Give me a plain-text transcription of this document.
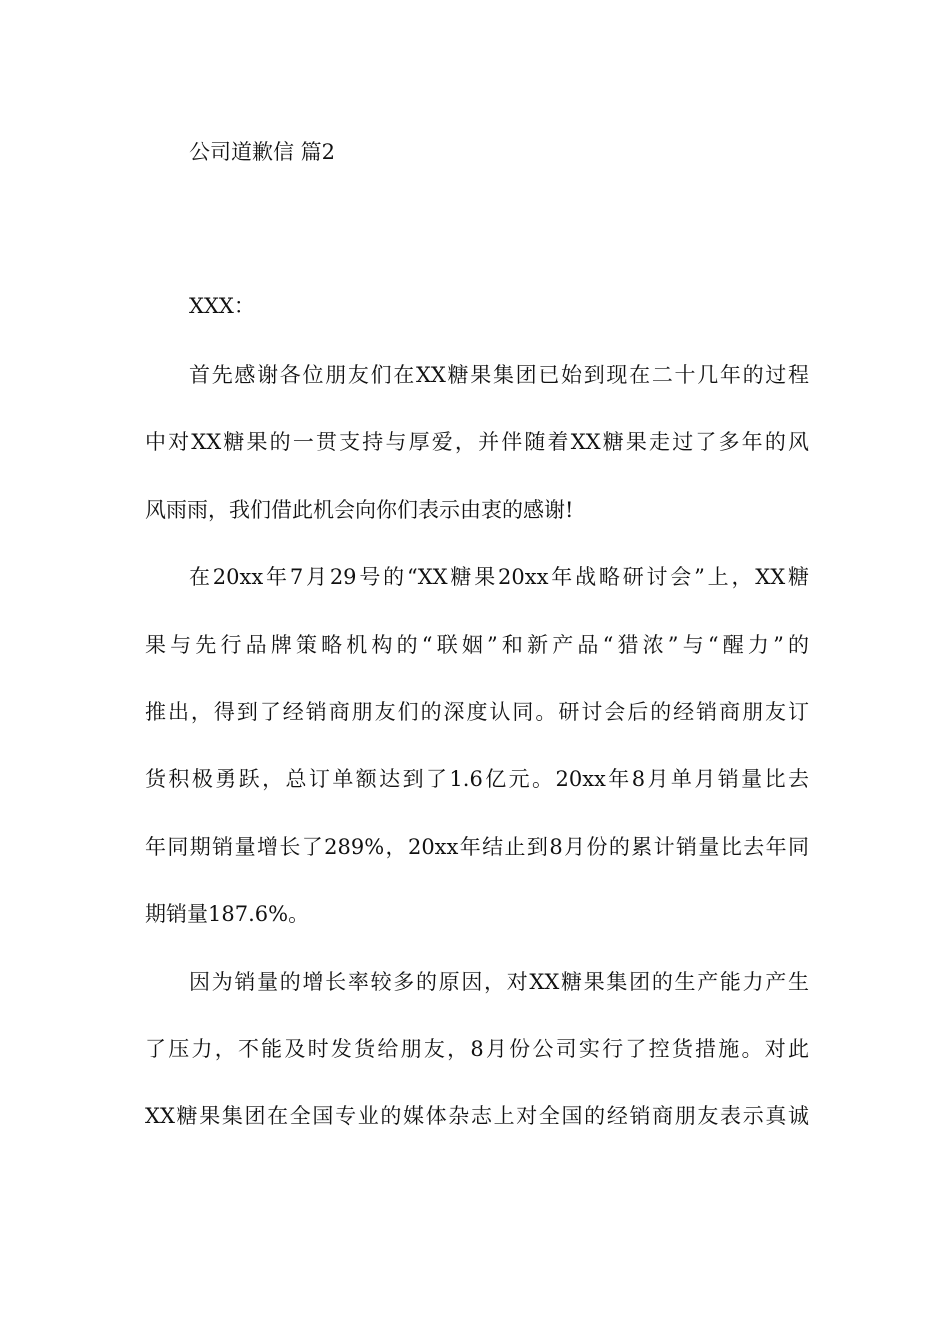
公司道歉信 篇2
XXX：
首先感谢各位朋友们在XX糖果集团已始到现在二十几年的过程
中对XX糖果的一贯支持与厚爱，并伴随着XX糖果走过了多年的风
风雨雨，我们借此机会向你们表示由衷的感谢!
在20xx年7月29号的“XX糖果20xx年战略研讨会”上，XX糖
果与先行品牌策略机构的“联姻”和新产品“猎浓”与“醒力”的
推出，得到了经销商朋友们的深度认同。研讨会后的经销商朋友订
货积极勇跃，总订单额达到了1.6亿元。20xx年8月单月销量比去
年同期销量增长了289%，20xx年结止到8月份的累计销量比去年同
期销量187.6%。
因为销量的增长率较多的原因，对XX糖果集团的生产能力产生
了压力，不能及时发货给朋友，8月份公司实行了控货措施。对此
XX糖果集团在全国专业的媒体杂志上对全国的经销商朋友表示真诚
